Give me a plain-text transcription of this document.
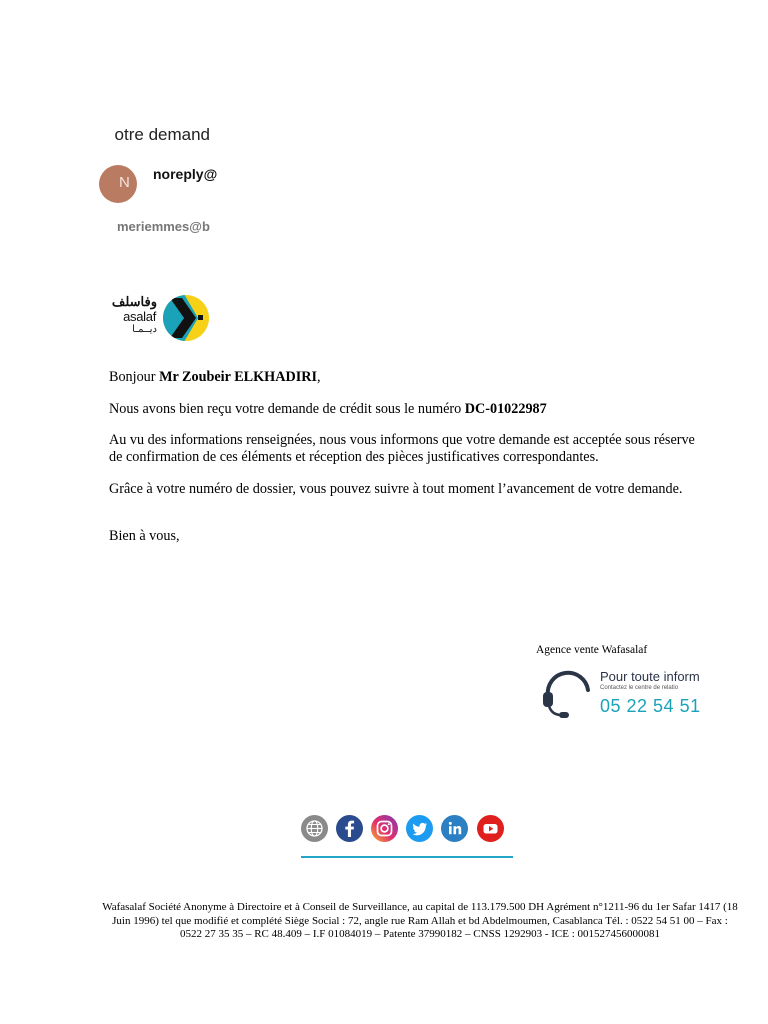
otre demand
N noreply@
meriemmes@b
وفاسلف
asalaf
ديــمـا
Bonjour Mr Zoubeir ELKHADIRI,
Nous avons bien reçu votre demande de crédit sous le numéro DC-01022987
Au vu des informations renseignées, nous vous informons que votre demande est acceptée sous réserve de confirmation de ces éléments et réception des pièces justificatives correspondantes.
Grâce à votre numéro de dossier, vous pouvez suivre à tout moment l’avancement de votre demande.
Bien à vous,
Agence vente Wafasalaf
Pour toute inform
Contactez le centre de relatio
05 22 54 51
Wafasalaf Société Anonyme à Directoire et à Conseil de Surveillance, au capital de 113.179.500 DH Agrément n°1211-96 du 1er Safar 1417 (18 Juin 1996) tel que modifié et complété Siège Social : 72, angle rue Ram Allah et bd Abdelmoumen, Casablanca Tél. : 0522 54 51 00 – Fax : 0522 27 35 35 – RC 48.409 – I.F 01084019 – Patente 37990182 – CNSS 1292903 - ICE : 001527456000081
